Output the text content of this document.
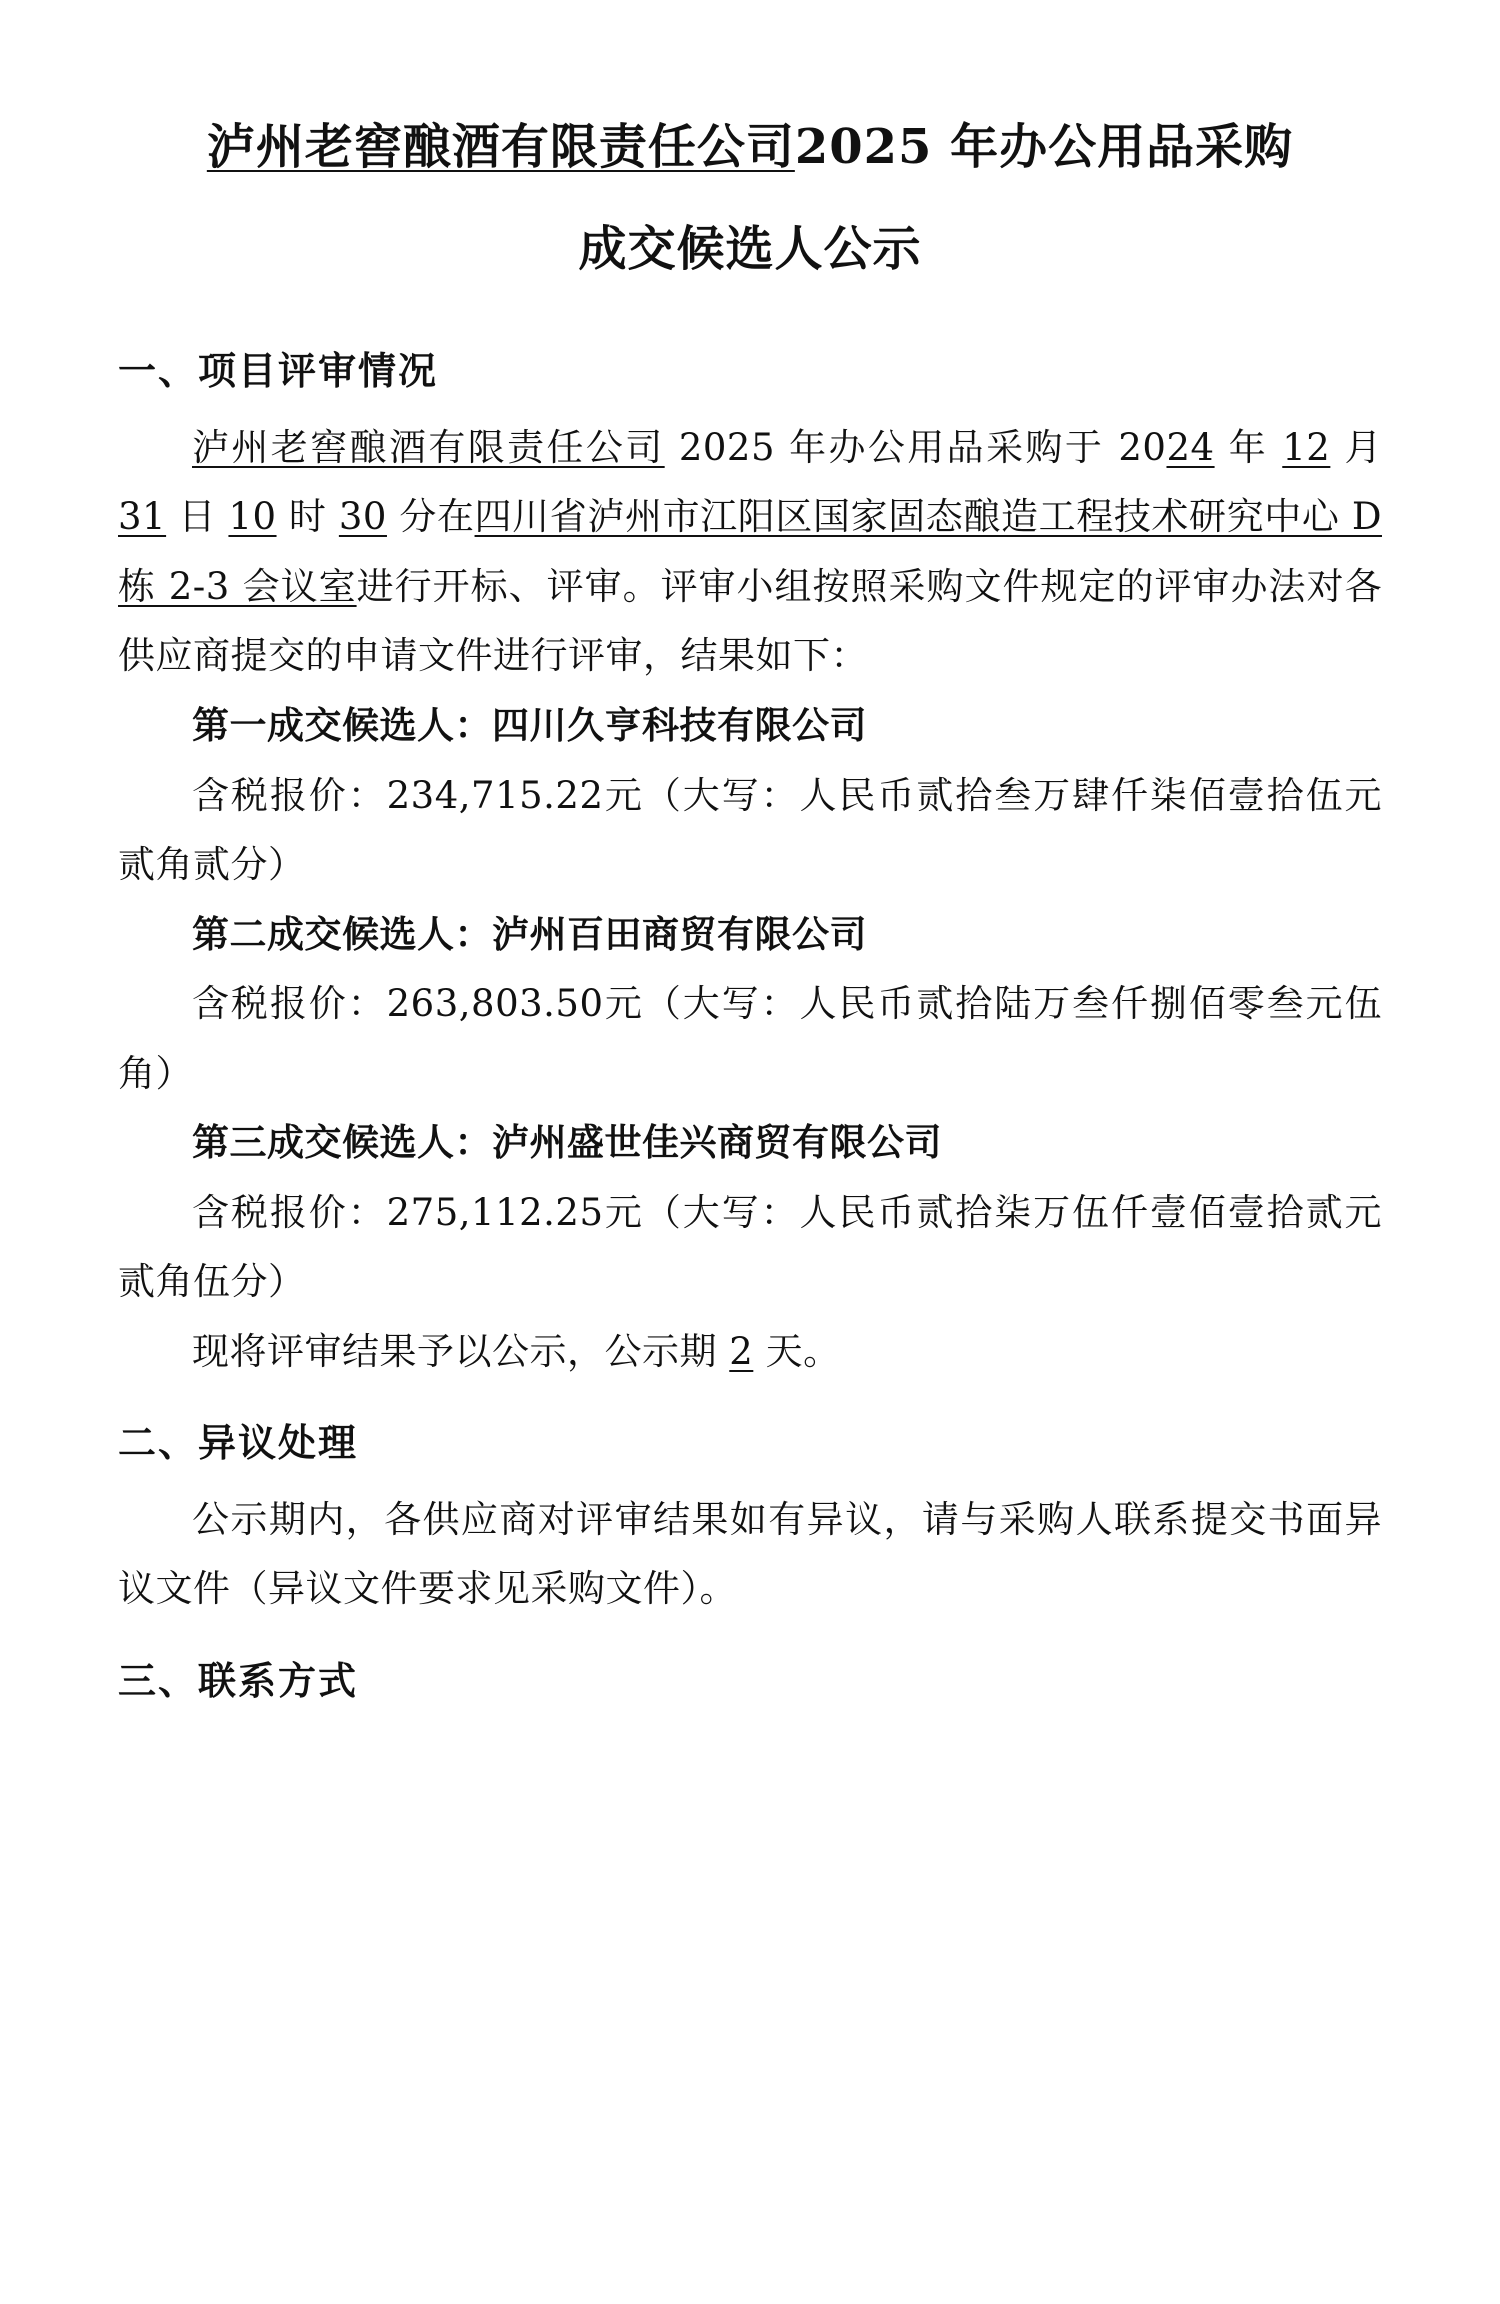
泸州老窖酿酒有限责任公司2025 年办公用品采购
成交候选人公示
一、项目评审情况

泸州老窖酿酒有限责任公司 2025 年办公用品采购于 2024 年 12 月 31 日 10 时 30 分在四川省泸州市江阳区国家固态酿造工程技术研究中心 D 栋 2-3 会议室进行开标、评审。评审小组按照采购文件规定的评审办法对各供应商提交的申请文件进行评审，结果如下：

第一成交候选人：四川久亨科技有限公司

含税报价：234,715.22元（大写：人民币贰拾叁万肆仟柒佰壹拾伍元贰角贰分）

第二成交候选人：泸州百田商贸有限公司

含税报价：263,803.50元（大写：人民币贰拾陆万叁仟捌佰零叁元伍角）

第三成交候选人：泸州盛世佳兴商贸有限公司

含税报价：275,112.25元（大写：人民币贰拾柒万伍仟壹佰壹拾贰元贰角伍分）

现将评审结果予以公示，公示期 2 天。

二、异议处理

公示期内，各供应商对评审结果如有异议，请与采购人联系提交书面异议文件（异议文件要求见采购文件）。

三、联系方式
